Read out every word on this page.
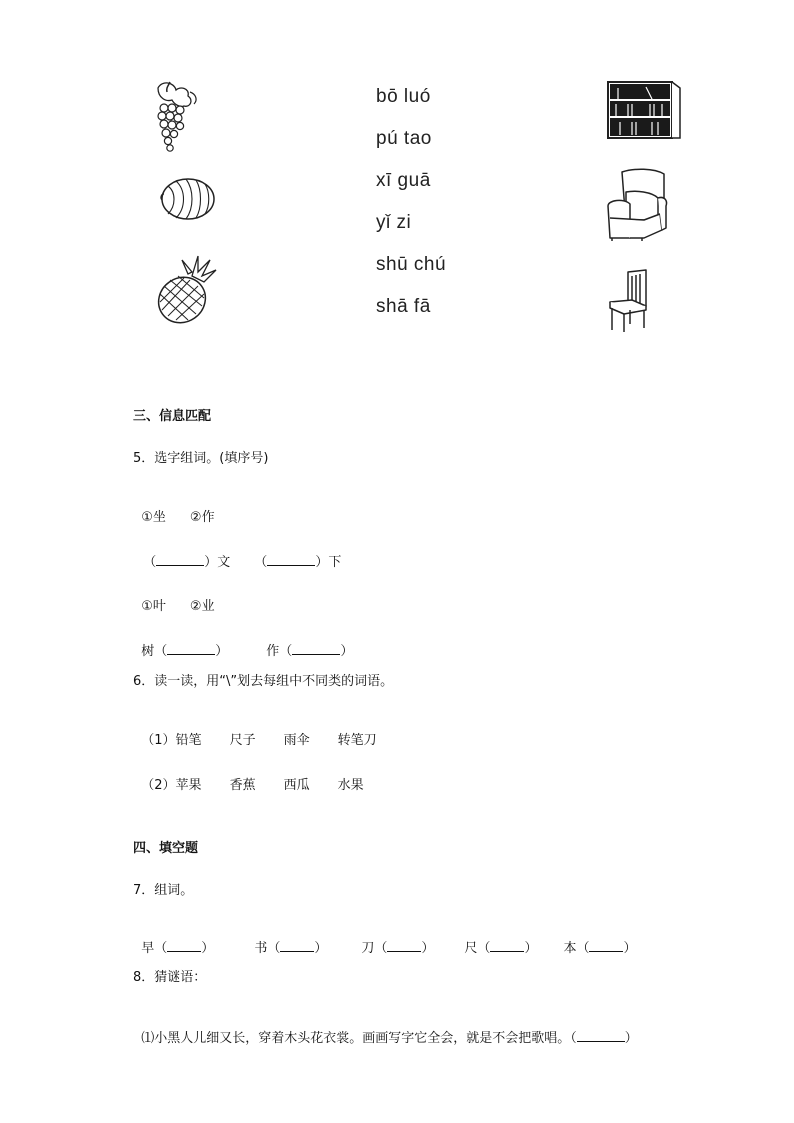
bō luó
pú tao
xī guā
yǐ zi
shū chú
shā fā
三、信息匹配
5．选字组词。(填序号)

①坐 ②作

（	）文 （	）下

①叶 ②业

树（	）	作（	）

6．读一读，用“\”划去每组中不同类的词语。

（1）铅笔 尺子 雨伞 转笔刀

（2）苹果 香蕉 西瓜 水果

四、填空题
7．组词。

早（	）	书（	）	刀（	） 尺（	） 本（	）

8．猜谜语：

⑴小黑人儿细又长，穿着木头花衣裳。画画写字它全会，就是不会把歌唱。（	）
